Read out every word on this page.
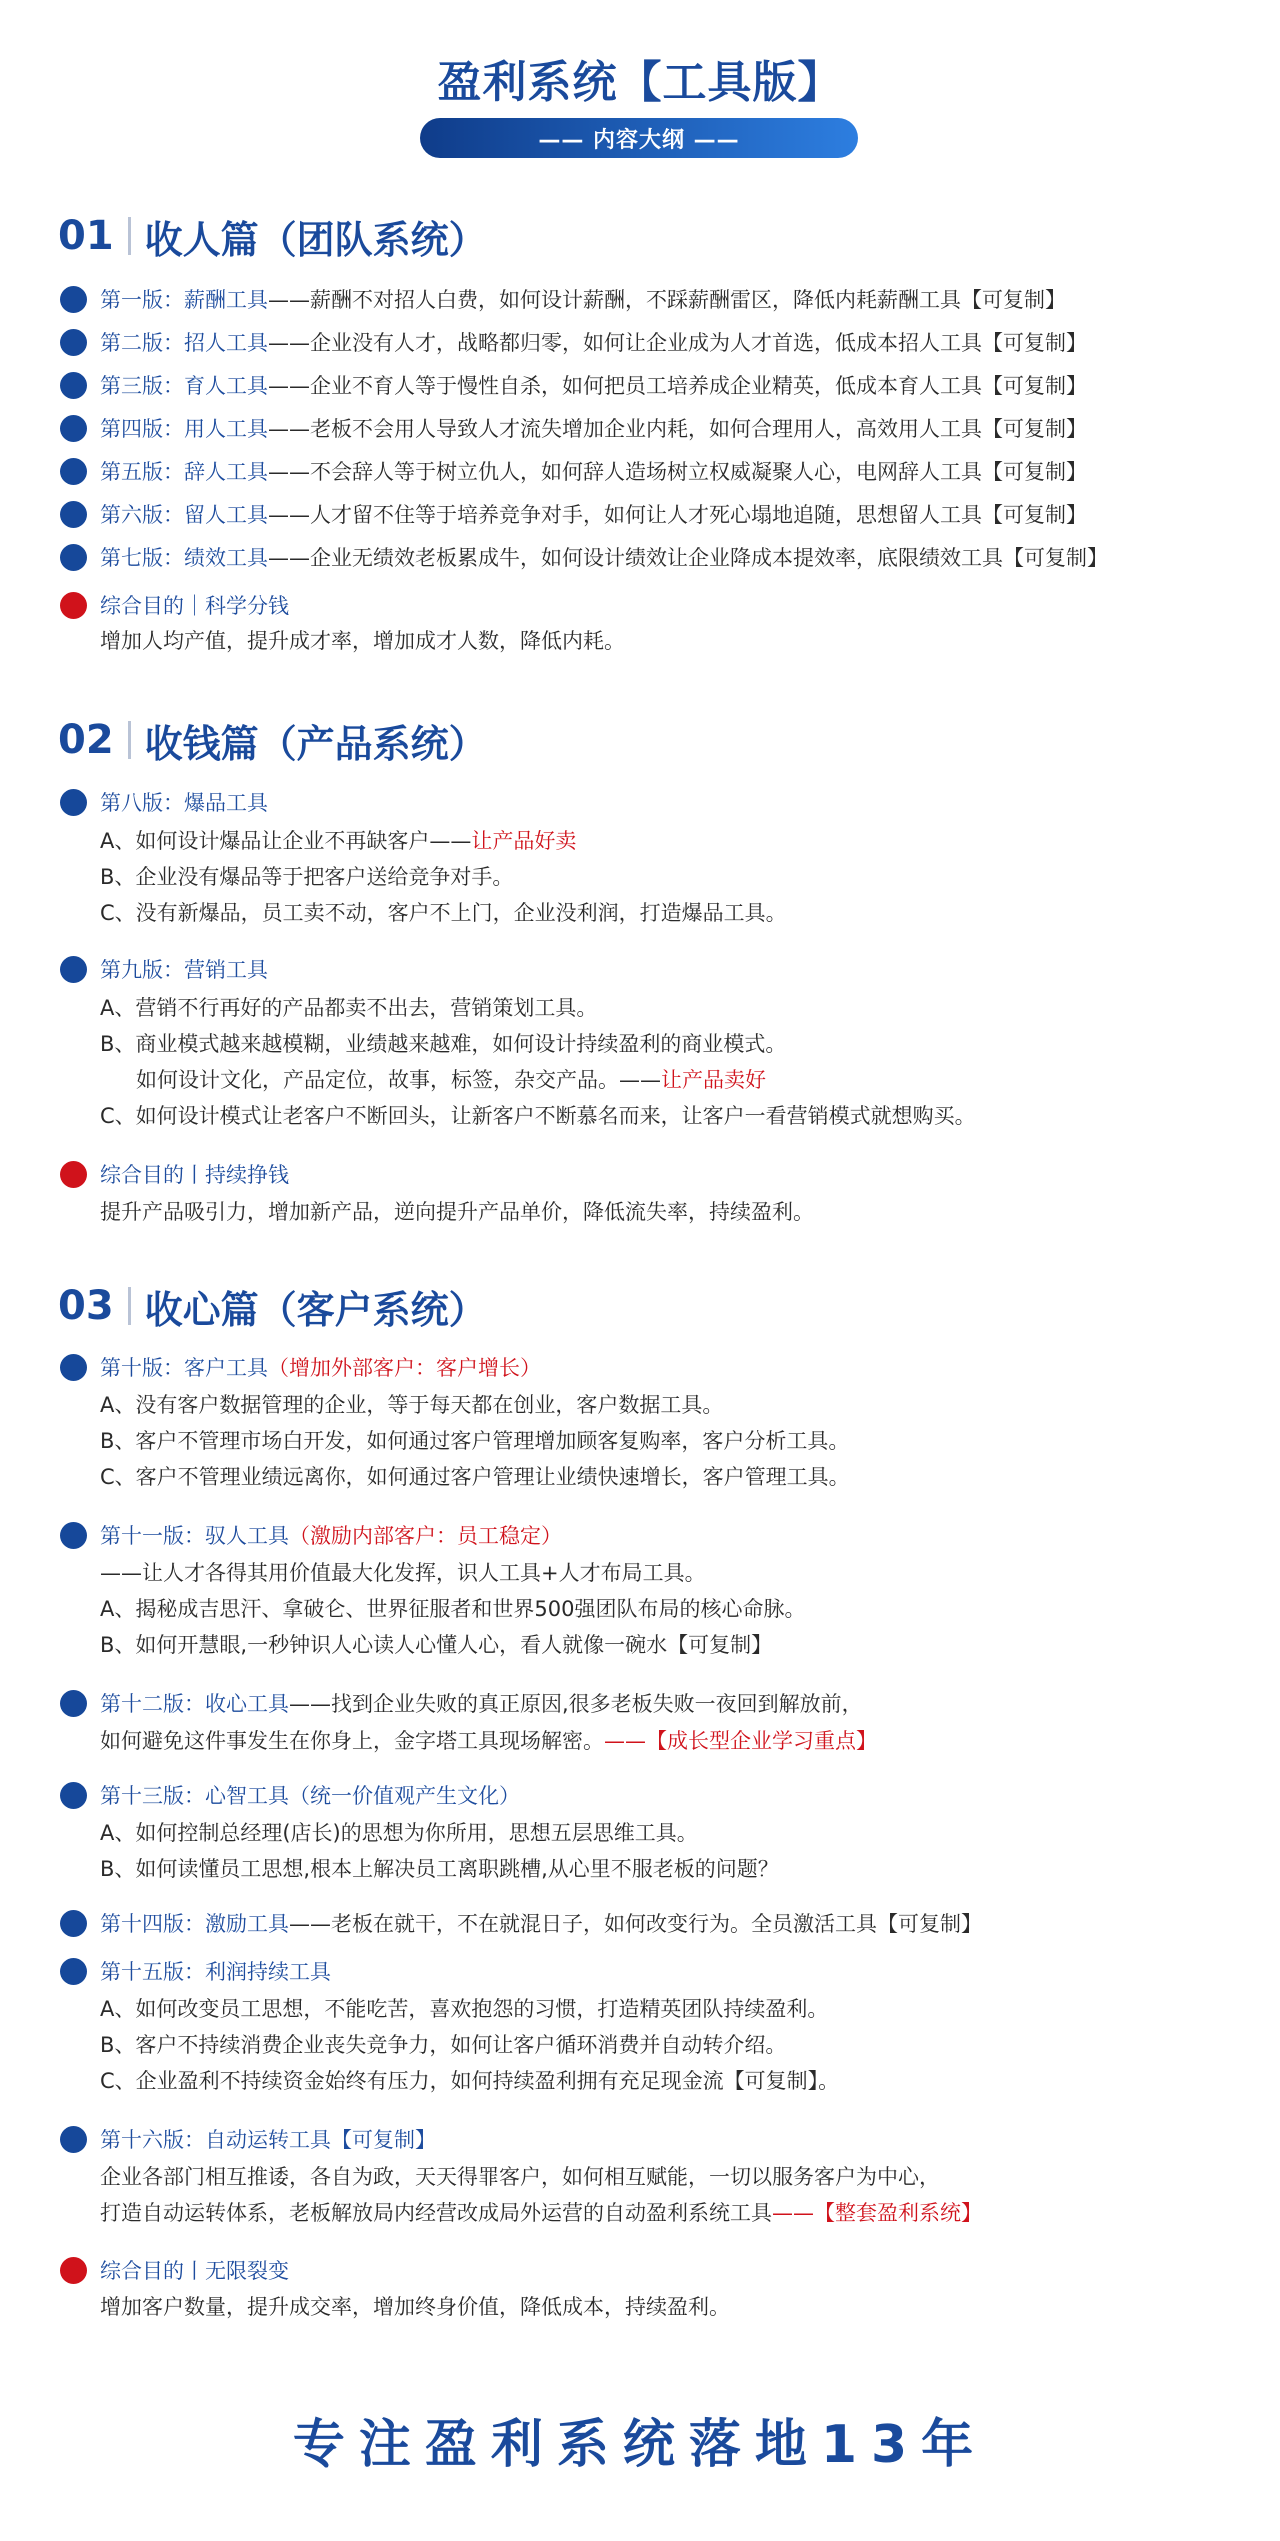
盈利系统【工具版】
—— 内容大纲 ——
01 收人篇（团队系统）
第一版：薪酬工具 ——薪酬不对招人白费，如何设计薪酬，不踩薪酬雷区，降低内耗薪酬工具【可复制】
第二版：招人工具 ——企业没有人才，战略都归零，如何让企业成为人才首选，低成本招人工具【可复制】
第三版：育人工具 ——企业不育人等于慢性自杀，如何把员工培养成企业精英，低成本育人工具【可复制】
第四版：用人工具 ——老板不会用人导致人才流失增加企业内耗，如何合理用人，高效用人工具【可复制】
第五版：辞人工具 ——不会辞人等于树立仇人，如何辞人造场树立权威凝聚人心，电网辞人工具【可复制】
第六版：留人工具 ——人才留不住等于培养竞争对手，如何让人才死心塌地追随，思想留人工具【可复制】
第七版：绩效工具 ——企业无绩效老板累成牛，如何设计绩效让企业降成本提效率，底限绩效工具【可复制】
综合目的｜科学分钱
增加人均产值，提升成才率，增加成才人数，降低内耗。
02 收钱篇（产品系统）
第八版：爆品工具
A、如何设计爆品让企业不再缺客户——让产品好卖
B、企业没有爆品等于把客户送给竞争对手。
C、没有新爆品，员工卖不动，客户不上门，企业没利润，打造爆品工具。
第九版：营销工具
A、营销不行再好的产品都卖不出去，营销策划工具。
B、商业模式越来越模糊，业绩越来越难，如何设计持续盈利的商业模式。
如何设计文化，产品定位，故事，标签，杂交产品。——让产品卖好
C、如何设计模式让老客户不断回头，让新客户不断慕名而来，让客户一看营销模式就想购买。
综合目的丨持续挣钱
提升产品吸引力，增加新产品，逆向提升产品单价，降低流失率，持续盈利。
03 收心篇（客户系统）
第十版：客户工具 （增加外部客户：客户增长）
A、没有客户数据管理的企业，等于每天都在创业，客户数据工具。
B、客户不管理市场白开发，如何通过客户管理增加顾客复购率，客户分析工具。
C、客户不管理业绩远离你，如何通过客户管理让业绩快速增长，客户管理工具。
第十一版：驭人工具 （激励内部客户：员工稳定）
——让人才各得其用价值最大化发挥，识人工具+人才布局工具。
A、揭秘成吉思汗、拿破仑、世界征服者和世界500强团队布局的核心命脉。
B、如何开慧眼,一秒钟识人心读人心懂人心，看人就像一碗水【可复制】
第十二版：收心工具 ——找到企业失败的真正原因,很多老板失败一夜回到解放前，
如何避免这件事发生在你身上，金字塔工具现场解密。——【成长型企业学习重点】
第十三版：心智工具（统一价值观产生文化）
A、如何控制总经理(店长)的思想为你所用，思想五层思维工具。
B、如何读懂员工思想,根本上解决员工离职跳槽,从心里不服老板的问题？
第十四版：激励工具 ——老板在就干，不在就混日子，如何改变行为。全员激活工具【可复制】
第十五版：利润持续工具
A、如何改变员工思想，不能吃苦，喜欢抱怨的习惯，打造精英团队持续盈利。
B、客户不持续消费企业丧失竞争力，如何让客户循环消费并自动转介绍。
C、企业盈利不持续资金始终有压力，如何持续盈利拥有充足现金流【可复制】。
第十六版：自动运转工具【可复制】
企业各部门相互推诿，各自为政，天天得罪客户，如何相互赋能，一切以服务客户为中心，
打造自动运转体系，老板解放局内经营改成局外运营的自动盈利系统工具——【整套盈利系统】
综合目的丨无限裂变
增加客户数量，提升成交率，增加终身价值，降低成本，持续盈利。
专注盈利系统落地13年
